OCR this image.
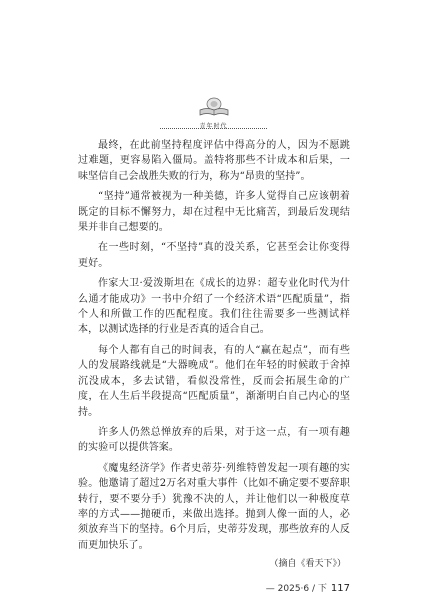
青年时代

最终，在此前坚持程度评估中得高分的人，因为不愿跳过难题，更容易陷入僵局。盖特将那些不计成本和后果，一味坚信自己会战胜失败的行为，称为“昂贵的坚持”。

“坚持”通常被视为一种美德，许多人觉得自己应该朝着既定的目标不懈努力，却在过程中无比痛苦，到最后发现结果并非自己想要的。

在一些时刻，“不坚持”真的没关系，它甚至会让你变得更好。

作家大卫·爱泼斯坦在《成长的边界：超专业化时代为什么通才能成功》一书中介绍了一个经济术语“匹配质量”，指个人和所做工作的匹配程度。我们往往需要多一些测试样本，以测试选择的行业是否真的适合自己。

每个人都有自己的时间表，有的人“赢在起点”，而有些人的发展路线就是“大器晚成”。他们在年轻的时候敢于舍掉沉没成本，多去试错，看似没常性，反而会拓展生命的广度，在人生后半段提高“匹配质量”，渐渐明白自己内心的坚持。

许多人仍然总惮放弃的后果，对于这一点，有一项有趣的实验可以提供答案。

《魔鬼经济学》作者史蒂芬·列维特曾发起一项有趣的实验。他邀请了超过2万名对重大事件（比如不确定要不要辞职转行，要不要分手）犹豫不决的人，并让他们以一种极度草率的方式——抛硬币，来做出选择。抛到人像一面的人，必须放弃当下的坚持。6个月后，史蒂芬发现，那些放弃的人反而更加快乐了。

（摘自《看天下》）

— 2025·6 / 下 117
